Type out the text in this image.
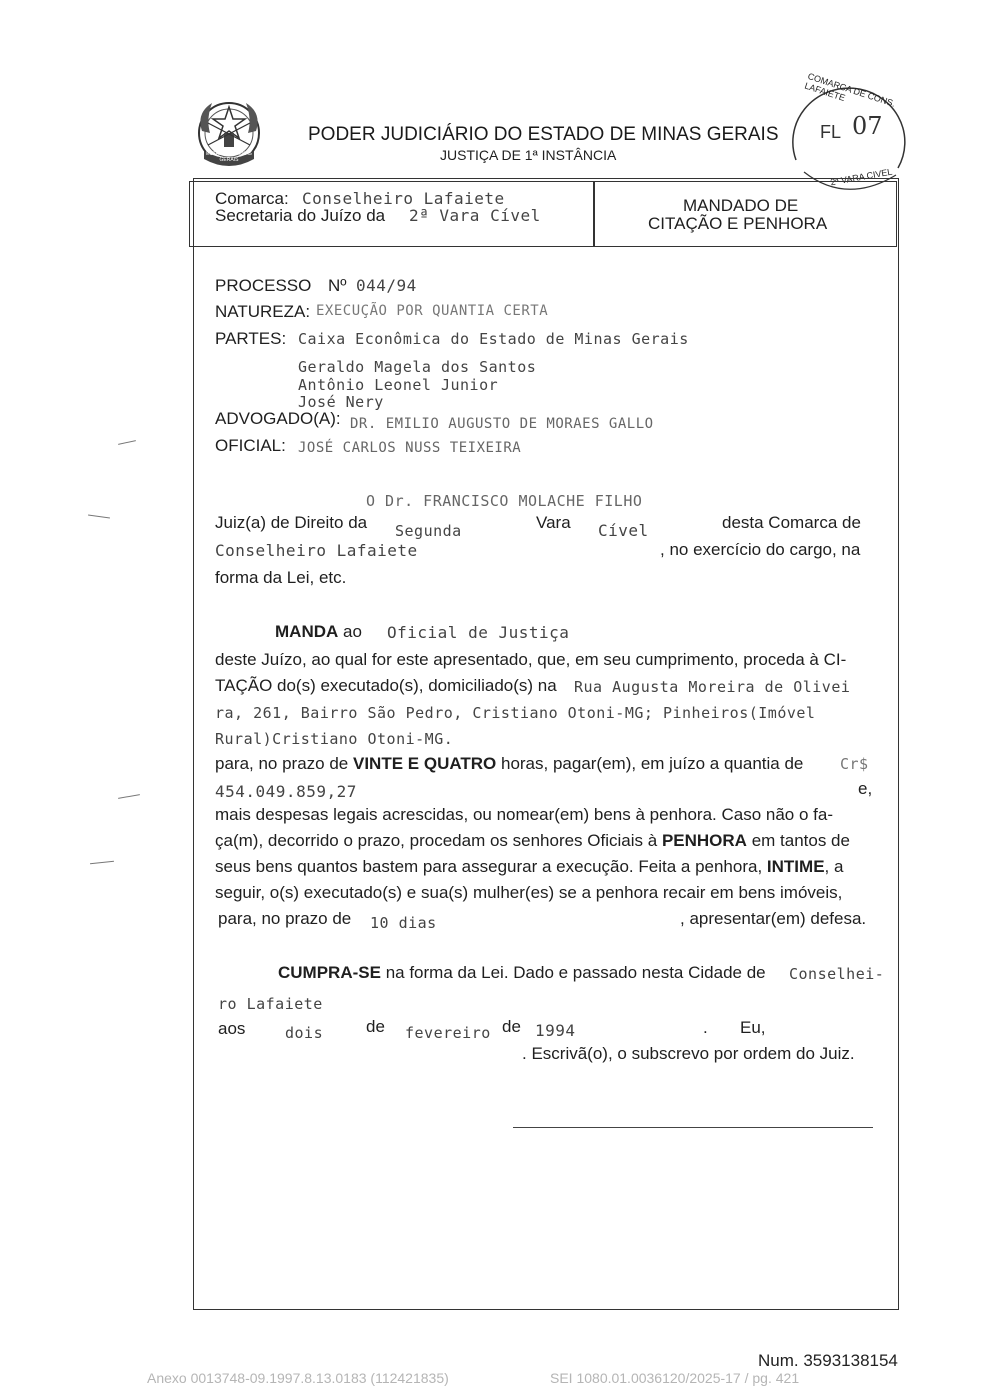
ESTADO DE MINAS GERAIS
PODER JUDICIÁRIO DO ESTADO DE MINAS GERAIS
JUSTIÇA DE 1ª INSTÂNCIA
COMARCA DE CONS. LAFAIETE
FL 07
2ª VARA CIVEL
Comarca: Conselheiro Lafaiete
Secretaria do Juízo da 2ª Vara Cível
MANDADO DE
CITAÇÃO E PENHORA
PROCESSO Nº 044/94
NATUREZA: EXECUÇÃO POR QUANTIA CERTA
PARTES: Caixa Econômica do Estado de Minas Gerais
Geraldo Magela dos Santos
Antônio Leonel Junior
José Nery
ADVOGADO(A): DR. EMILIO AUGUSTO DE MORAES GALLO
OFICIAL: JOSÉ CARLOS NUSS TEIXEIRA
O Dr. FRANCISCO MOLACHE FILHO
Juiz(a) de Direito da Segunda	Vara Cível	desta Comarca de
Conselheiro Lafaiete	, no exercício do cargo, na
forma da Lei, etc.
MANDA ao Oficial de Justiça
deste Juízo, ao qual for este apresentado, que, em seu cumprimento, proceda à CI-
TAÇÃO do(s) executado(s), domiciliado(s) na Rua Augusta Moreira de Olivei
ra, 261, Bairro São Pedro, Cristiano Otoni-MG; Pinheiros(Imóvel
Rural)Cristiano Otoni-MG.
para, no prazo de VINTE E QUATRO horas, pagar(em), em juízo a quantia de Cr$
454.049.859,27	e,
mais despesas legais acrescidas, ou nomear(em) bens à penhora. Caso não o fa-
ça(m), decorrido o prazo, procedam os senhores Oficiais à PENHORA em tantos de
seus bens quantos bastem para assegurar a execução. Feita a penhora, INTIME, a
seguir, o(s) executado(s) e sua(s) mulher(es) se a penhora recair em bens imóveis,
para, no prazo de 10 dias	, apresentar(em) defesa.
CUMPRA-SE na forma da Lei. Dado e passado nesta Cidade de Conselhei-
ro Lafaiete
aos	dois	de fevereiro de 1994	. Eu,
. Escrivã(o), o subscrevo por ordem do Juiz.
Num. 3593138154
Anexo 0013748-09.1997.8.13.0183 (112421835)	SEI 1080.01.0036120/2025-17 / pg. 421
